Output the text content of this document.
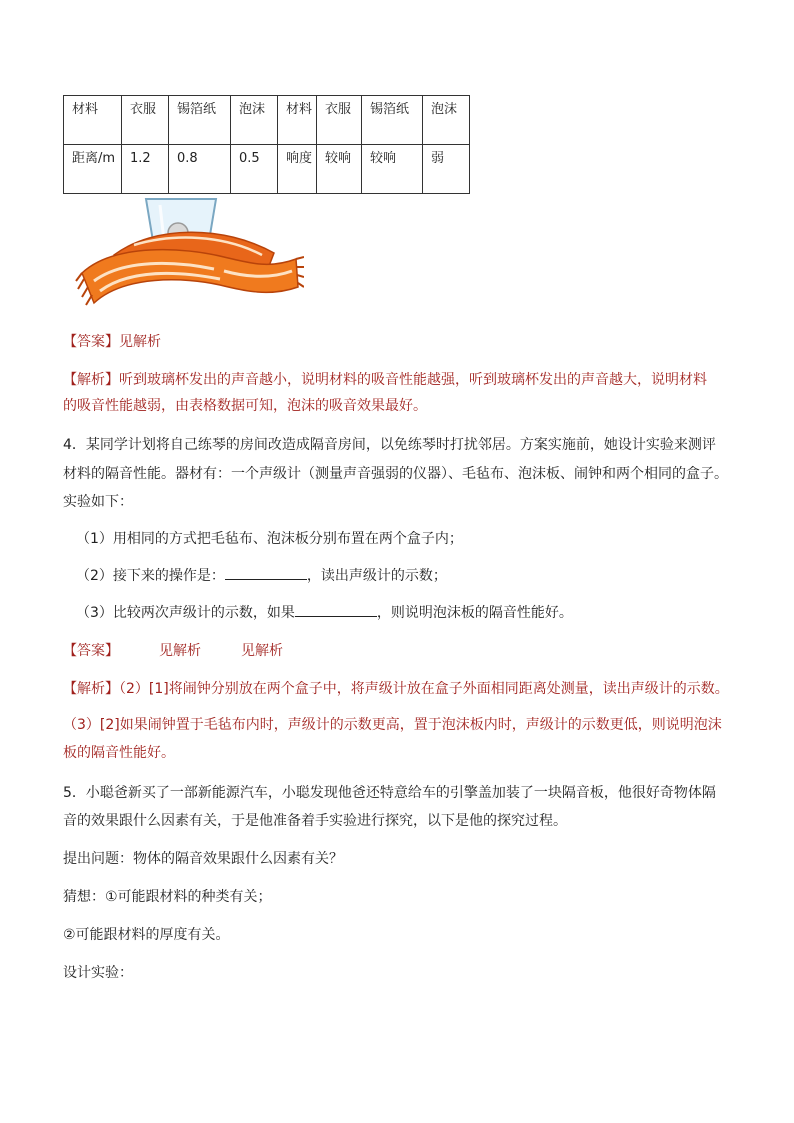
材料	衣服	锡箔纸	泡沫	材料	衣服	锡箔纸	泡沫
距离/m	1.2	0.8	0.5	响度	较响	较响	弱

【答案】见解析

【解析】听到玻璃杯发出的声音越小，说明材料的吸音性能越强，听到玻璃杯发出的声音越大，说明材料

的吸音性能越弱，由表格数据可知，泡沫的吸音效果最好。

4．某同学计划将自己练琴的房间改造成隔音房间，以免练琴时打扰邻居。方案实施前，她设计实验来测评

材料的隔音性能。器材有：一个声级计（测量声音强弱的仪器）、毛毡布、泡沫板、闹钟和两个相同的盒子。

实验如下：

（1）用相同的方式把毛毡布、泡沫板分别布置在两个盒子内；

（2）接下来的操作是：	，读出声级计的示数；

（3）比较两次声级计的示数，如果	，则说明泡沫板的隔音性能好。

【答案】	见解析	见解析

【解析】（2）[1]将闹钟分别放在两个盒子中，将声级计放在盒子外面相同距离处测量，读出声级计的示数。

（3）[2]如果闹钟置于毛毡布内时，声级计的示数更高，置于泡沫板内时，声级计的示数更低，则说明泡沫

板的隔音性能好。

5．小聪爸新买了一部新能源汽车，小聪发现他爸还特意给车的引擎盖加装了一块隔音板，他很好奇物体隔

音的效果跟什么因素有关，于是他准备着手实验进行探究，以下是他的探究过程。

提出问题：物体的隔音效果跟什么因素有关？

猜想：①可能跟材料的种类有关；

②可能跟材料的厚度有关。

设计实验：
